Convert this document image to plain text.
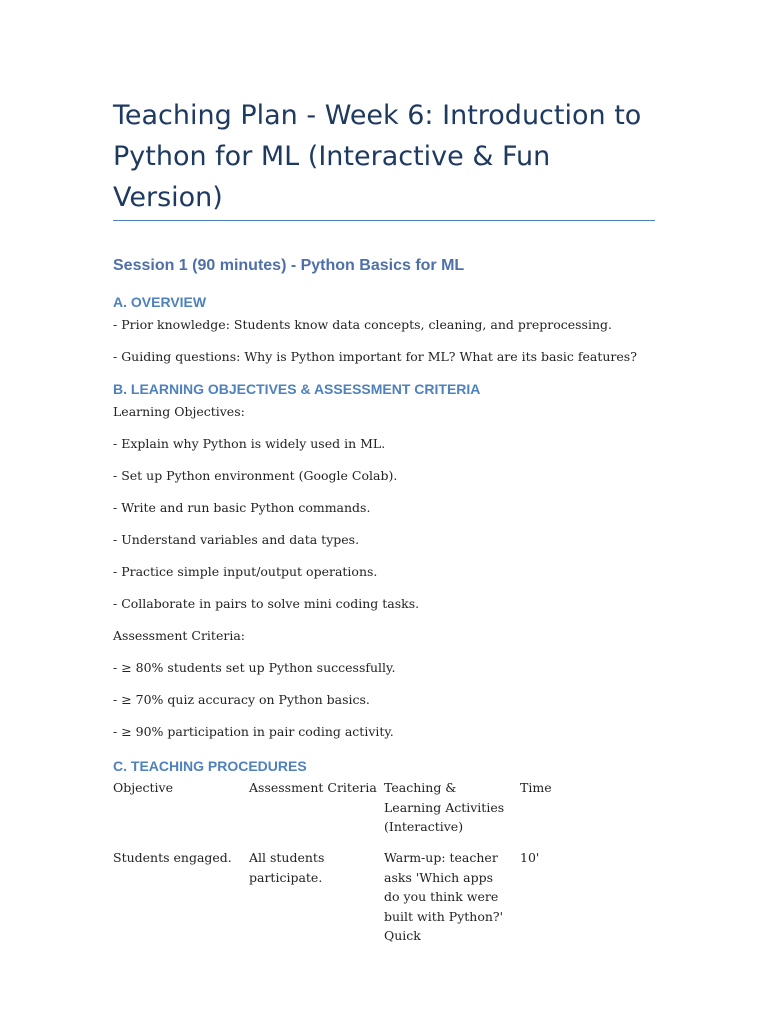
Teaching Plan - Week 6: Introduction to Python for ML (Interactive & Fun Version)
Session 1 (90 minutes) - Python Basics for ML
A. OVERVIEW

- Prior knowledge: Students know data concepts, cleaning, and preprocessing.

- Guiding questions: Why is Python important for ML? What are its basic features?

B. LEARNING OBJECTIVES & ASSESSMENT CRITERIA

Learning Objectives:

- Explain why Python is widely used in ML.

- Set up Python environment (Google Colab).

- Write and run basic Python commands.

- Understand variables and data types.

- Practice simple input/output operations.

- Collaborate in pairs to solve mini coding tasks.

Assessment Criteria:

- ≥ 80% students set up Python successfully.

- ≥ 70% quiz accuracy on Python basics.

- ≥ 90% participation in pair coding activity.

C. TEACHING PROCEDURES

Objective	Assessment Criteria Teaching & Learning Activities (Interactive)

Time

Students engaged.	All students participate.

Warm-up: teacher asks 'Which apps do you think were built with Python?' Quick

10'
